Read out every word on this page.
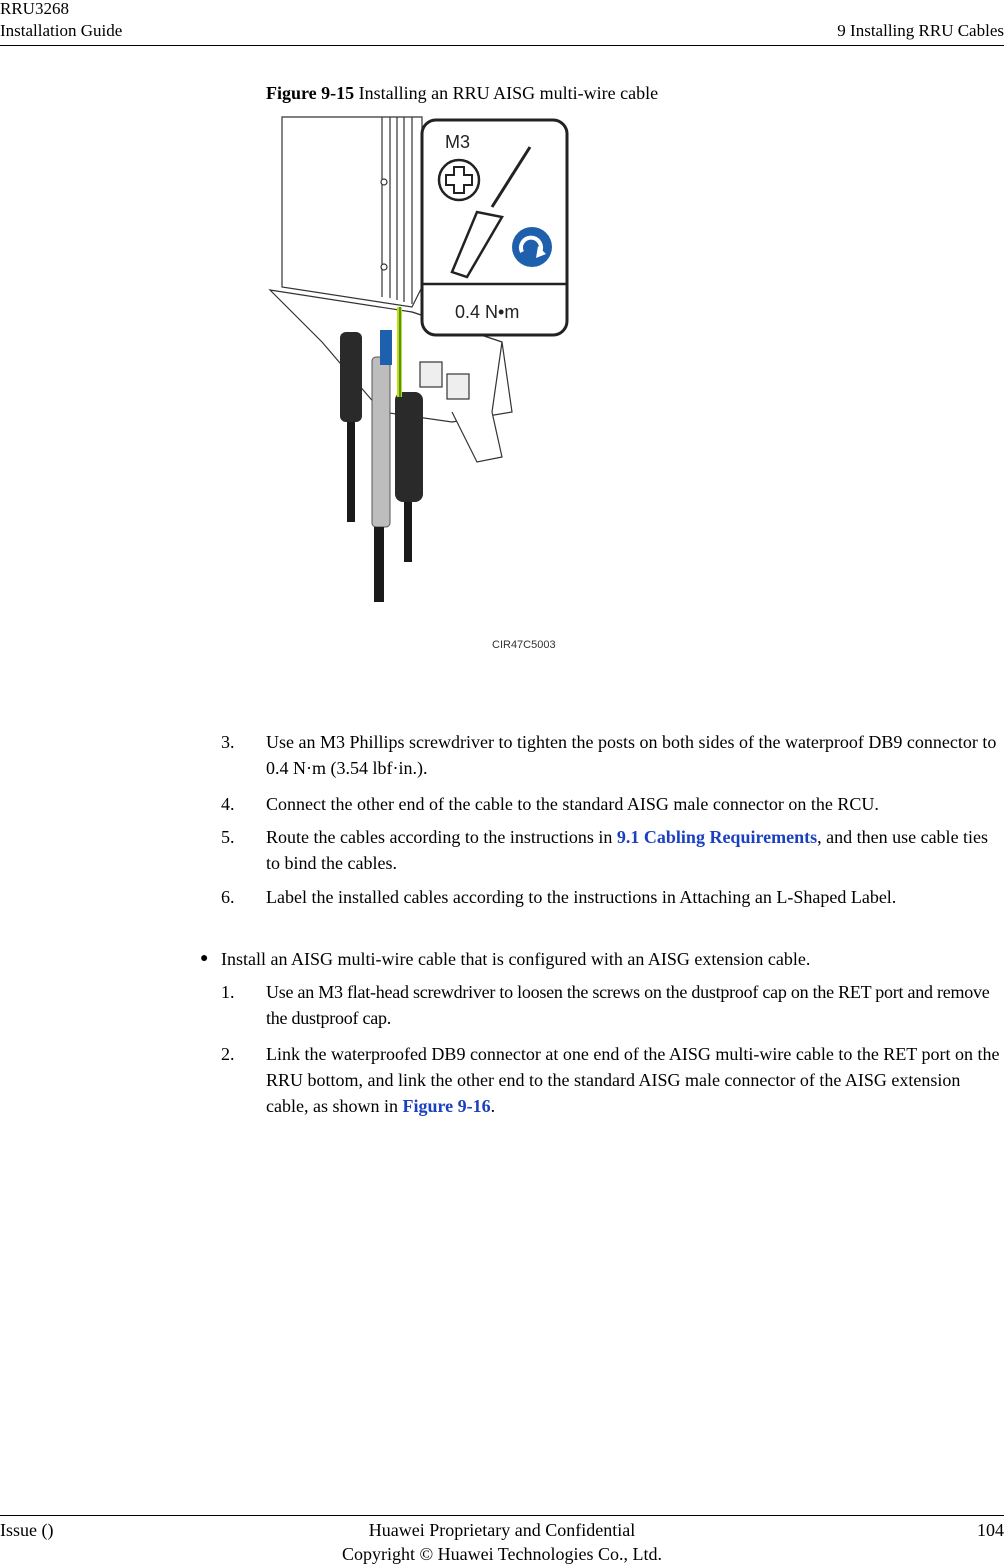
RRU3268
Installation Guide	9 Installing RRU Cables
Figure 9-15 Installing an RRU AISG multi-wire cable
M3
0.4 N•m
CIR47C5003
3. Use an M3 Phillips screwdriver to tighten the posts on both sides of the waterproof DB9 connector to 0.4 N·m (3.54 lbf·in.).
4. Connect the other end of the cable to the standard AISG male connector on the RCU.
5. Route the cables according to the instructions in 9.1 Cabling Requirements, and then use cable ties to bind the cables.
6. Label the installed cables according to the instructions in Attaching an L-Shaped Label.
● Install an AISG multi-wire cable that is configured with an AISG extension cable.
1. Use an M3 flat-head screwdriver to loosen the screws on the dustproof cap on the RET port and remove the dustproof cap.
2. Link the waterproofed DB9 connector at one end of the AISG multi-wire cable to the RET port on the RRU bottom, and link the other end to the standard AISG male connector of the AISG extension cable, as shown in Figure 9-16.
Issue ()	Huawei Proprietary and Confidential
Copyright © Huawei Technologies Co., Ltd.
104
